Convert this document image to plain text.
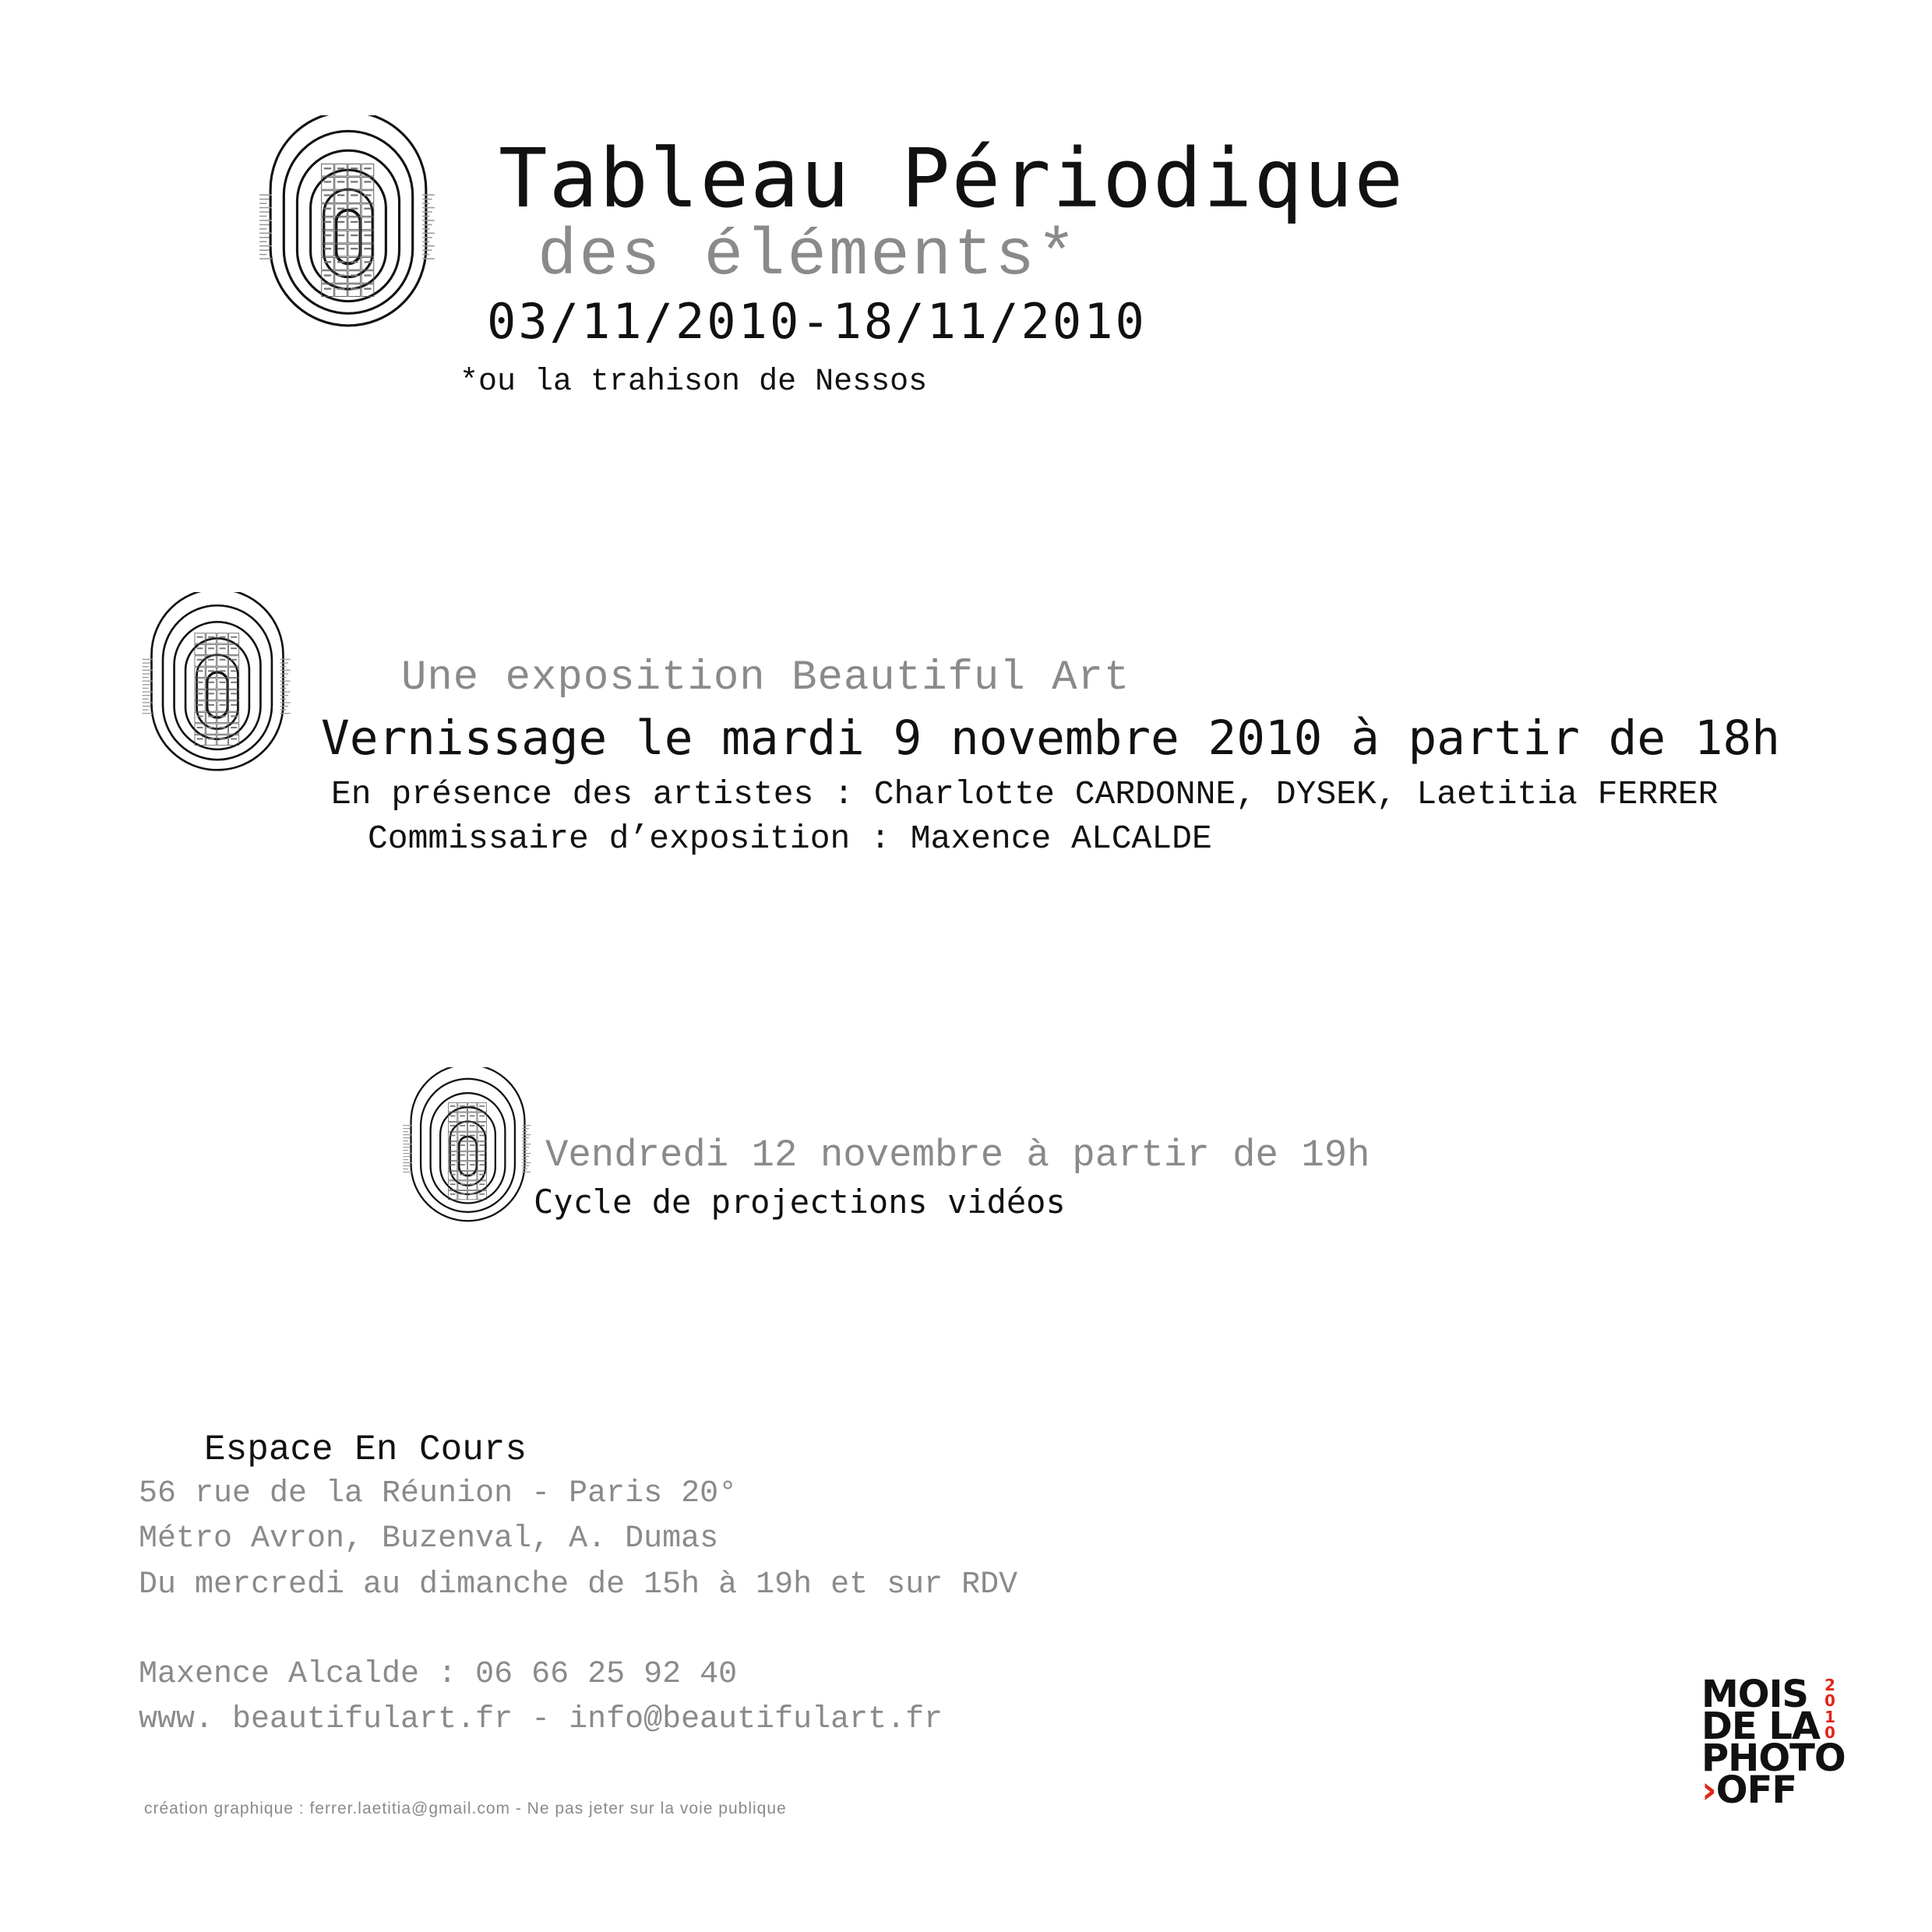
Tableau Périodique
des éléments*
03/11/2010-18/11/2010
*ou la trahison de Nessos
Une exposition Beautiful Art
Vernissage le mardi 9 novembre 2010 à partir de 18h
En présence des artistes : Charlotte CARDONNE, DYSEK, Laetitia FERRER
Commissaire d’exposition : Maxence ALCALDE
Vendredi 12 novembre à partir de 19h
Cycle de projections vidéos
Espace En Cours
56 rue de la Réunion - Paris 20°
Métro Avron, Buzenval, A. Dumas
Du mercredi au dimanche de 15h à 19h et sur RDV
Maxence Alcalde : 06 66 25 92 40
www. beautifulart.fr - info@beautifulart.fr
création graphique : ferrer.laetitia@gmail.com - Ne pas jeter sur la voie publique
MOIS 2
0
DE LA 1
0
PHOTO
›OFF
